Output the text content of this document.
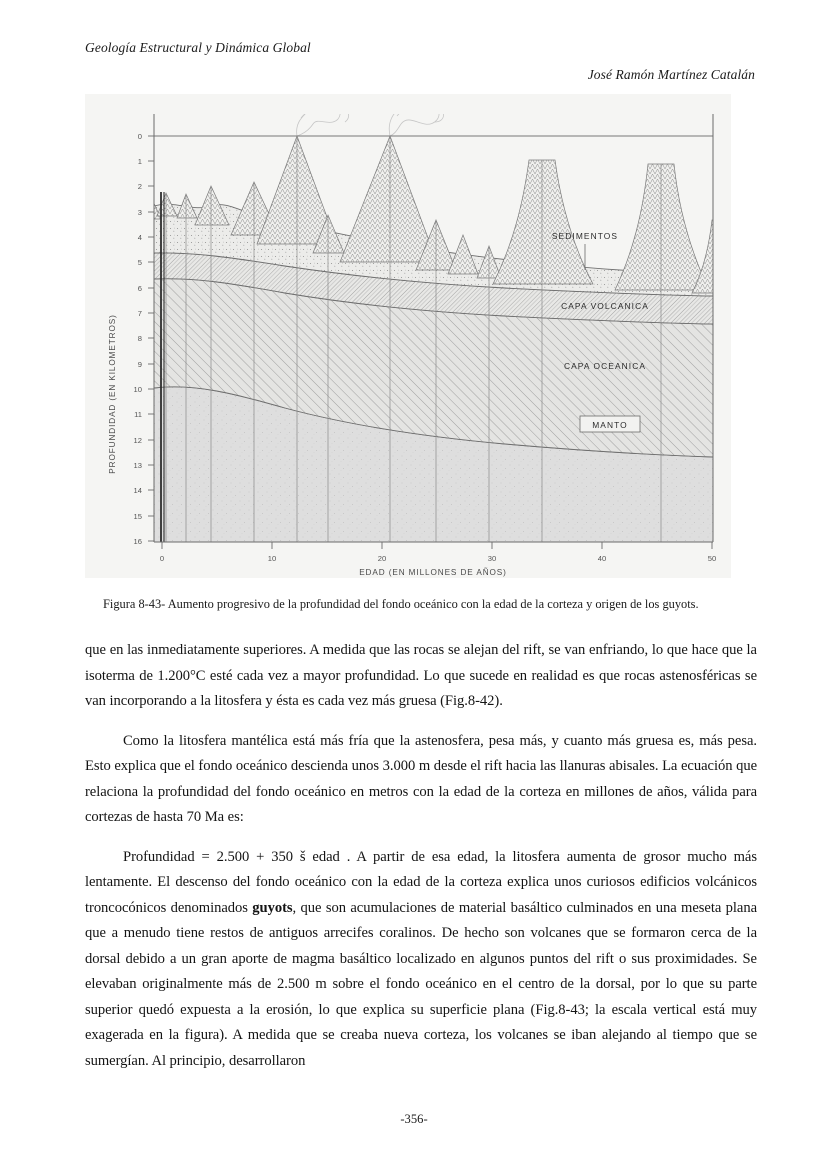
Geología Estructural y Dinámica Global
José Ramón Martínez Catalán
0
1
2
3
4
5
6
7
8
9
10
11
12
13
14
15
16
0	10	20	30	40	50
PROFUNDIDAD (EN KILOMETROS)
EDAD (EN MILLONES DE AÑOS)
SEDIMENTOS
CAPA VOLCANICA
CAPA OCEANICA
MANTO
Figura 8-43- Aumento progresivo de la profundidad del fondo oceánico con la edad de la corteza y origen de los guyots.

que en las inmediatamente superiores. A medida que las rocas se alejan del rift, se van enfriando, lo que hace que la isoterma de 1.200°C esté cada vez a mayor profundidad. Lo que sucede en realidad es que rocas astenosféricas se van incorporando a la litosfera y ésta es cada vez más gruesa (Fig.8-42).

Como la litosfera mantélica está más fría que la astenosfera, pesa más, y cuanto más gruesa es, más pesa. Esto explica que el fondo oceánico descienda unos 3.000 m desde el rift hacia las llanuras abisales. La ecuación que relaciona la profundidad del fondo oceánico en metros con la edad de la corteza en millones de años, válida para cortezas de hasta 70 Ma es:

Profundidad = 2.500 + 350 š edad . A partir de esa edad, la litosfera aumenta de grosor mucho más lentamente. El descenso del fondo oceánico con la edad de la corteza explica unos curiosos edificios volcánicos troncocónicos denominados guyots, que son acumulaciones de material basáltico culminados en una meseta plana que a menudo tiene restos de antiguos arrecifes coralinos. De hecho son volcanes que se formaron cerca de la dorsal debido a un gran aporte de magma basáltico localizado en algunos puntos del rift o sus proximidades. Se elevaban originalmente más de 2.500 m sobre el fondo oceánico en el centro de la dorsal, por lo que su parte superior quedó expuesta a la erosión, lo que explica su superficie plana (Fig.8-43; la escala vertical está muy exagerada en la figura). A medida que se creaba nueva corteza, los volcanes se iban alejando al tiempo que se sumergían. Al principio, desarrollaron

-356-
